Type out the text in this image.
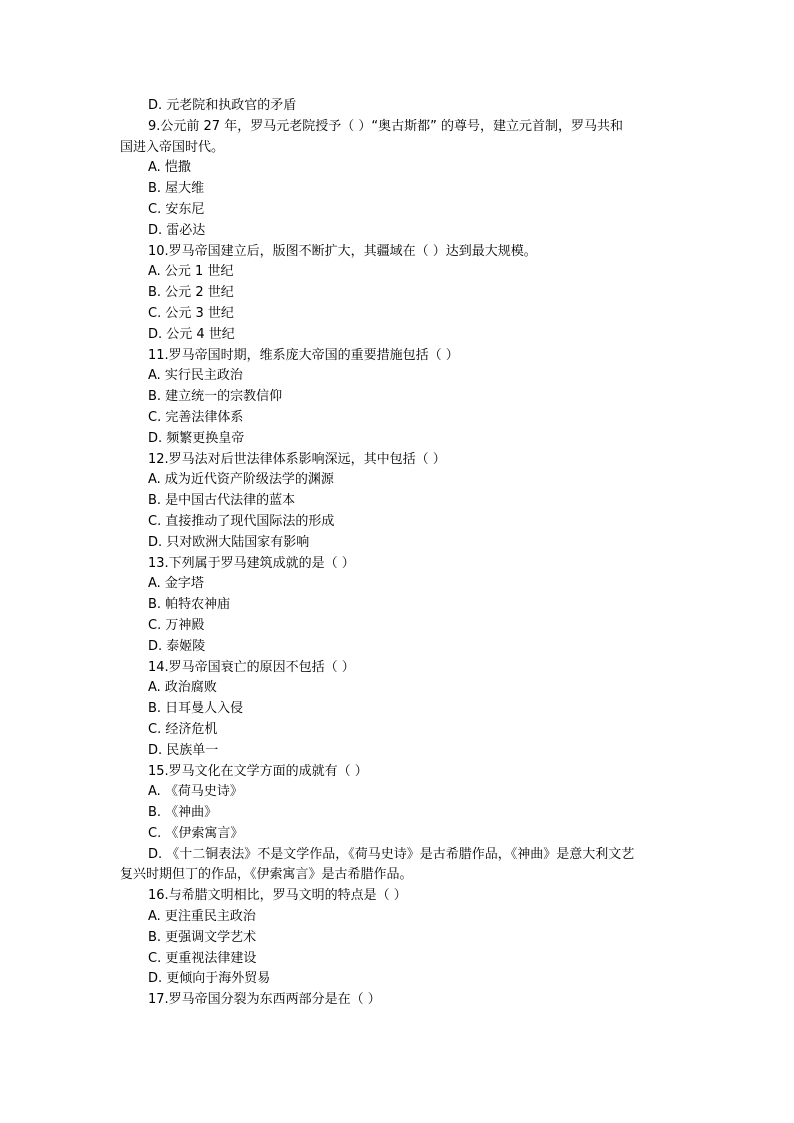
D. 元老院和执政官的矛盾
9.公元前 27 年，罗马元老院授予（ ）“奥古斯都” 的尊号，建立元首制，罗马共和
国进入帝国时代。
A. 恺撒
B. 屋大维
C. 安东尼
D. 雷必达
10.罗马帝国建立后，版图不断扩大，其疆域在（ ）达到最大规模。
A. 公元 1 世纪
B. 公元 2 世纪
C. 公元 3 世纪
D. 公元 4 世纪
11.罗马帝国时期，维系庞大帝国的重要措施包括（ ）
A. 实行民主政治
B. 建立统一的宗教信仰
C. 完善法律体系
D. 频繁更换皇帝
12.罗马法对后世法律体系影响深远，其中包括（ ）
A. 成为近代资产阶级法学的渊源
B. 是中国古代法律的蓝本
C. 直接推动了现代国际法的形成
D. 只对欧洲大陆国家有影响
13.下列属于罗马建筑成就的是（ ）
A. 金字塔
B. 帕特农神庙
C. 万神殿
D. 泰姬陵
14.罗马帝国衰亡的原因不包括（ ）
A. 政治腐败
B. 日耳曼人入侵
C. 经济危机
D. 民族单一
15.罗马文化在文学方面的成就有（ ）
A. 《荷马史诗》
B. 《神曲》
C. 《伊索寓言》
D. 《十二铜表法》不是文学作品，《荷马史诗》是古希腊作品，《神曲》是意大利文艺
复兴时期但丁的作品，《伊索寓言》是古希腊作品。
16.与希腊文明相比，罗马文明的特点是（ ）
A. 更注重民主政治
B. 更强调文学艺术
C. 更重视法律建设
D. 更倾向于海外贸易
17.罗马帝国分裂为东西两部分是在（ ）
